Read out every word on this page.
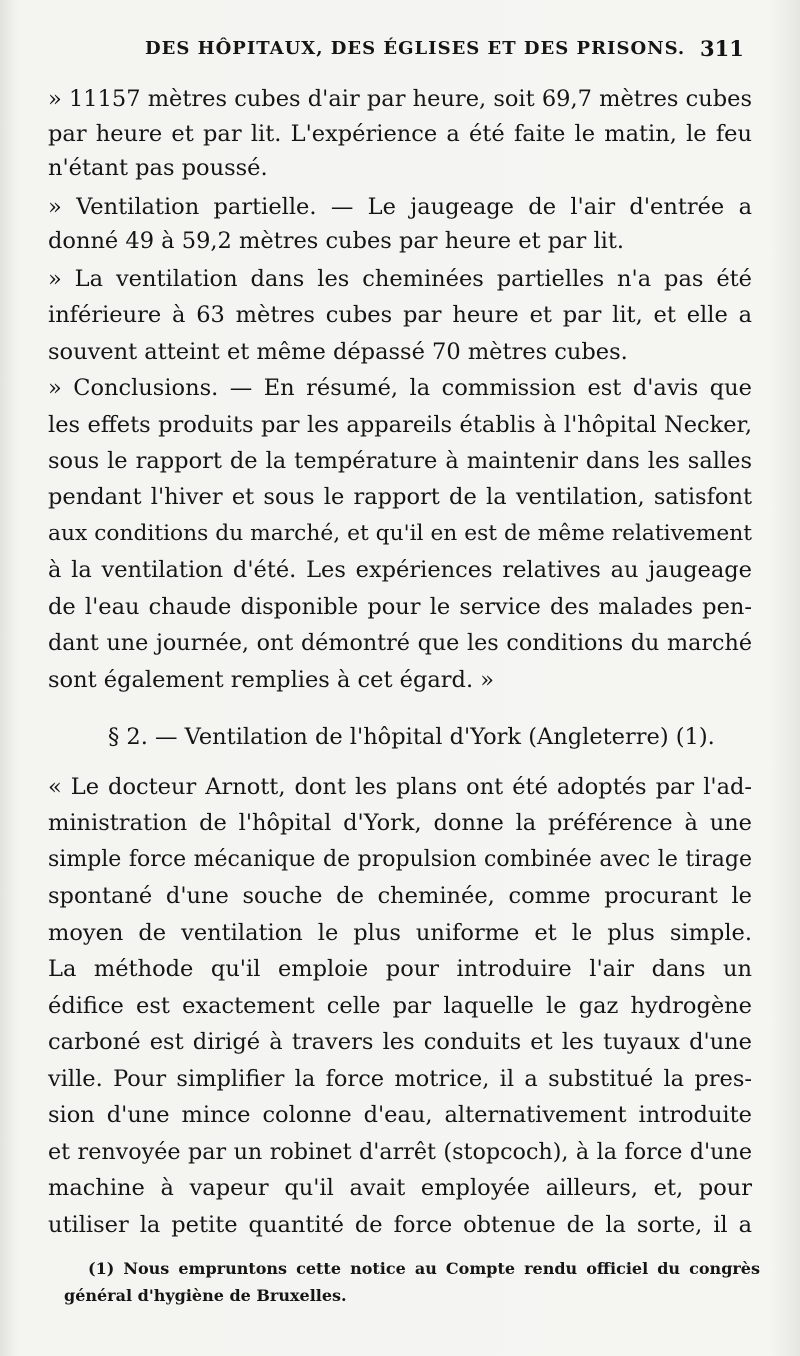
DES HÔPITAUX, DES ÉGLISES ET DES PRISONS. 311
» 11157 mètres cubes d'air par heure, soit 69,7 mètres cubes
par heure et par lit. L'expérience a été faite le matin, le feu
n'étant pas poussé.
» Ventilation partielle. — Le jaugeage de l'air d'entrée a
donné 49 à 59,2 mètres cubes par heure et par lit.
» La ventilation dans les cheminées partielles n'a pas été
inférieure à 63 mètres cubes par heure et par lit, et elle a
souvent atteint et même dépassé 70 mètres cubes.
» Conclusions. — En résumé, la commission est d'avis que
les effets produits par les appareils établis à l'hôpital Necker,
sous le rapport de la température à maintenir dans les salles
pendant l'hiver et sous le rapport de la ventilation, satisfont
aux conditions du marché, et qu'il en est de même relativement
à la ventilation d'été. Les expériences relatives au jaugeage
de l'eau chaude disponible pour le service des malades pen-
dant une journée, ont démontré que les conditions du marché
sont également remplies à cet égard. »
§ 2. — Ventilation de l'hôpital d'York (Angleterre) (1).
« Le docteur Arnott, dont les plans ont été adoptés par l'ad-
ministration de l'hôpital d'York, donne la préférence à une
simple force mécanique de propulsion combinée avec le tirage
spontané d'une souche de cheminée, comme procurant le
moyen de ventilation le plus uniforme et le plus simple.
La méthode qu'il emploie pour introduire l'air dans un
édifice est exactement celle par laquelle le gaz hydrogène
carboné est dirigé à travers les conduits et les tuyaux d'une
ville. Pour simplifier la force motrice, il a substitué la pres-
sion d'une mince colonne d'eau, alternativement introduite
et renvoyée par un robinet d'arrêt (stopcoch), à la force d'une
machine à vapeur qu'il avait employée ailleurs, et, pour
utiliser la petite quantité de force obtenue de la sorte, il a
(1) Nous empruntons cette notice au Compte rendu officiel du congrès
général d'hygiène de Bruxelles.
